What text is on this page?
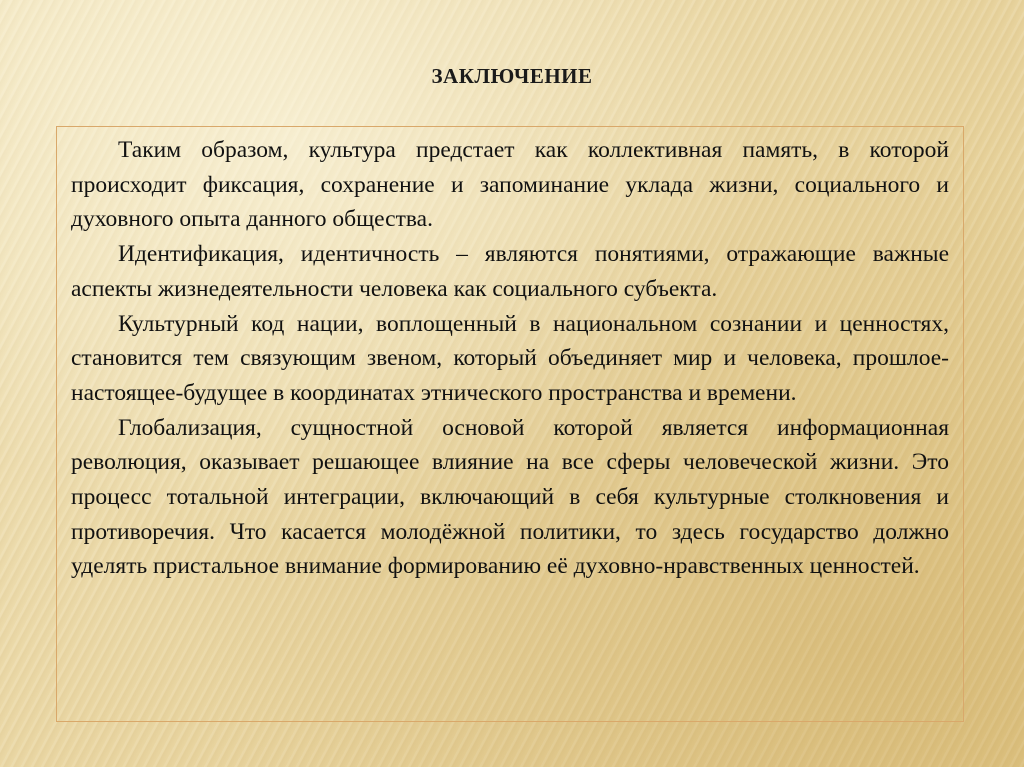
ЗАКЛЮЧЕНИЕ

Таким образом, культура предстает как коллективная память, в которой происходит фиксация, сохранение и запоминание уклада жизни, социального и духовного опыта данного общества.

Идентификация, идентичность – являются понятиями, отражающие важные аспекты жизнедеятельности человека как социального субъекта.

Культурный код нации, воплощенный в национальном сознании и ценностях, становится тем связующим звеном, который объединяет мир и человека, прошлое-настоящее-будущее в координатах этнического пространства и времени.

Глобализация, сущностной основой которой является информационная революция, оказывает решающее влияние на все сферы человеческой жизни. Это процесс тотальной интеграции, включающий в себя культурные столкновения и противоречия. Что касается молодёжной политики, то здесь государство должно уделять пристальное внимание формированию её духовно-нравственных ценностей.
